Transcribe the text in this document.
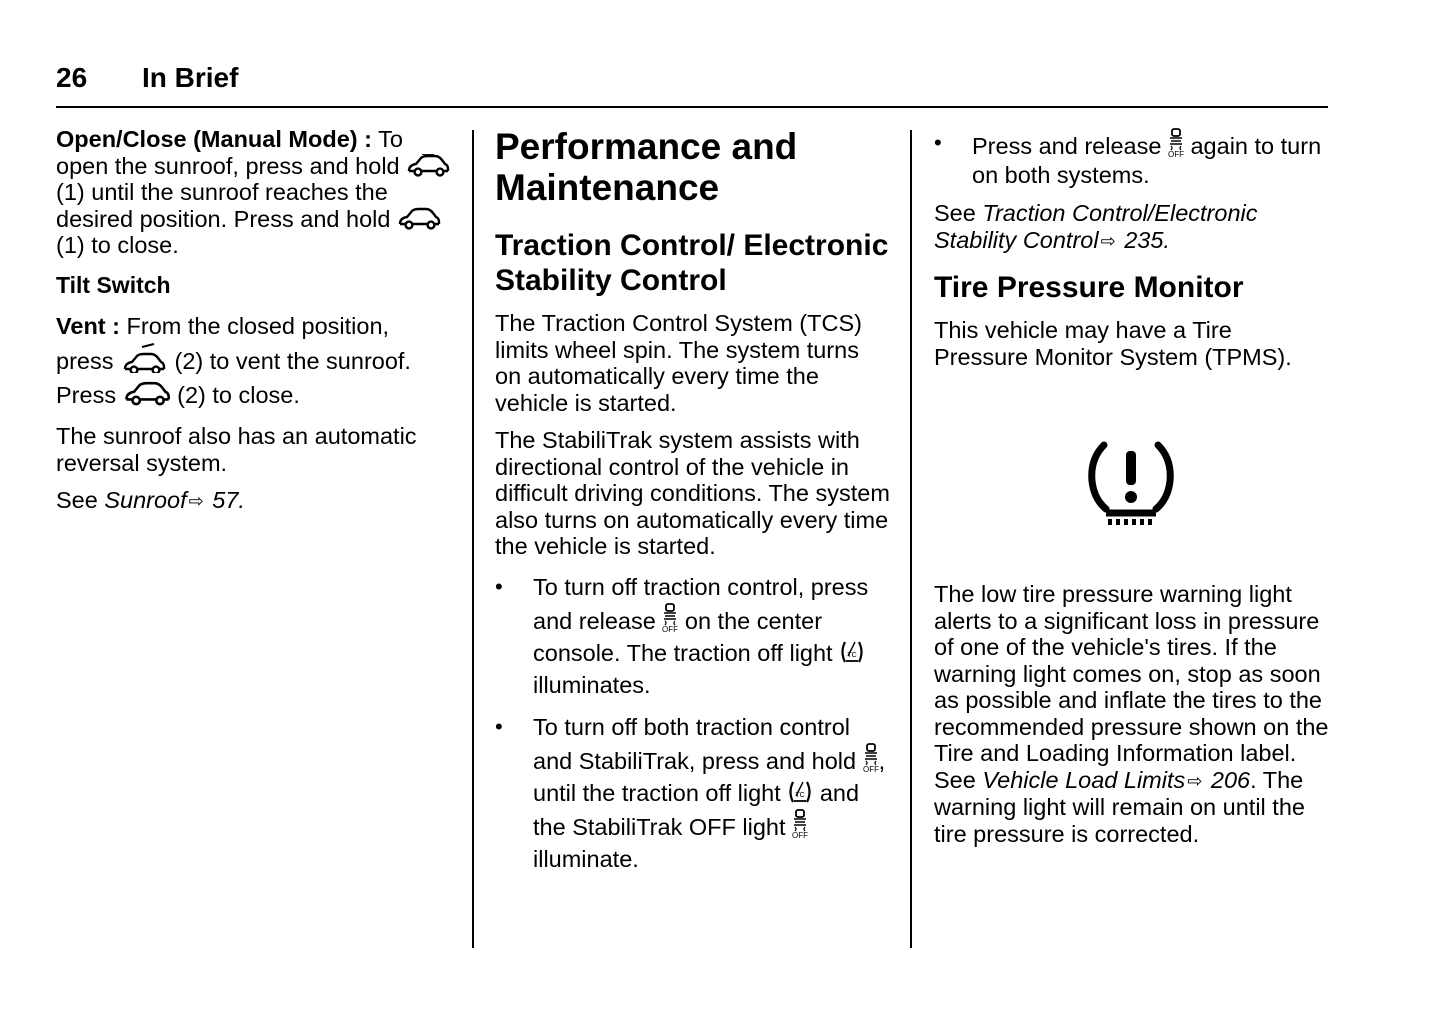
26 In Brief

Open/Close (Manual Mode) : To open the sunroof, press and hold  (1) until the sunroof reaches the desired position. Press and hold  (1) to close.

Tilt Switch

Vent : From the closed position, press  (2) to vent the sunroof.
Press  (2) to close.

The sunroof also has an automatic reversal system.

See Sunroof ⇨ 57.

Performance and Maintenance
Traction Control/ Electronic Stability Control

The Traction Control System (TCS) limits wheel spin. The system turns on automatically every time the vehicle is started.

The StabiliTrak system assists with directional control of the vehicle in difficult driving conditions. The system also turns on automatically every time the vehicle is started.

• To turn off traction control, press and release OFF on the center console. The traction off light TC
illuminates.
• To turn off both traction control and StabiliTrak, press and hold OFF , until the traction off light TC and the StabiliTrak OFF light OFF
illuminate.
• Press and release OFF again to turn on both systems.

See Traction Control/Electronic Stability Control ⇨ 235.

Tire Pressure Monitor

This vehicle may have a Tire Pressure Monitor System (TPMS).

The low tire pressure warning light alerts to a significant loss in pressure of one of the vehicle's tires. If the warning light comes on, stop as soon as possible and inflate the tires to the recommended pressure shown on the Tire and Loading Information label. See Vehicle Load Limits ⇨ 206. The warning light will remain on until the tire pressure is corrected.
